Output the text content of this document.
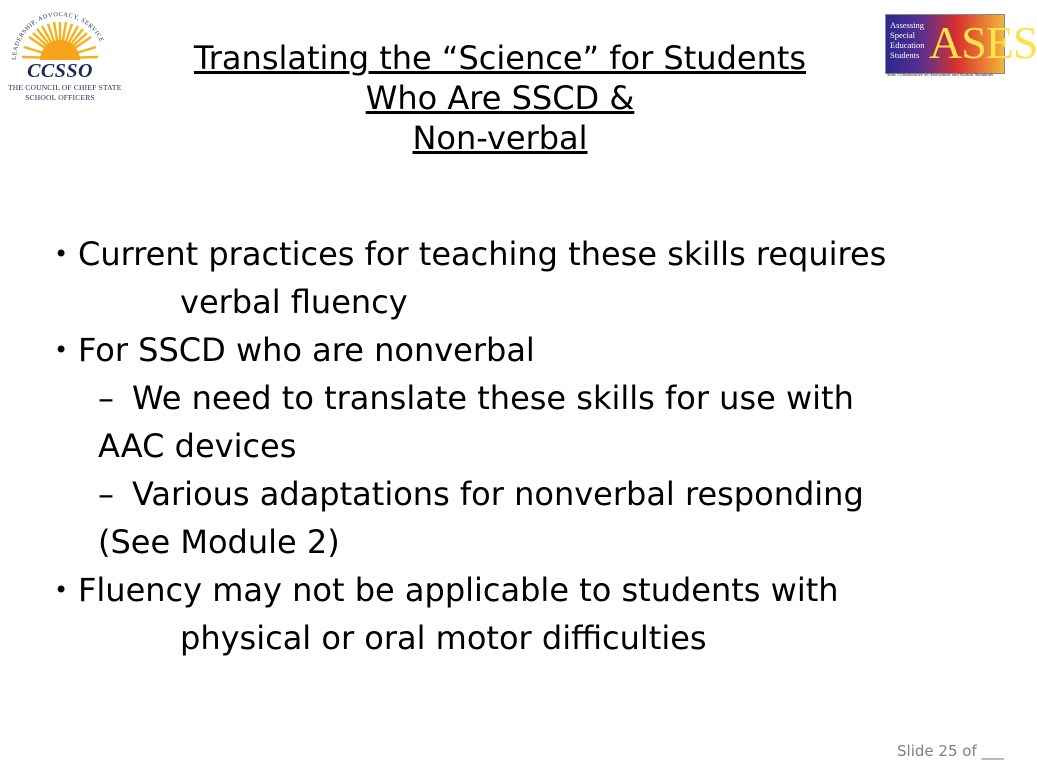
LEADERSHIP, ADVOCACY, SERVICE
CCSSO
THE COUNCIL OF CHIEF STATE
SCHOOL OFFICERS
Assessing
Special
Education
Students ASES
State Collaborative on Assessment and Student Standards
Translating the “Science” for Students
Who Are SSCD &
Non-verbal
• Current practices for teaching these skills requires
verbal fluency
• For SSCD who are nonverbal
– We need to translate these skills for use with
AAC devices
– Various adaptations for nonverbal responding
(See Module 2)
• Fluency may not be applicable to students with
physical or oral motor difficulties
Slide 25 of ___
